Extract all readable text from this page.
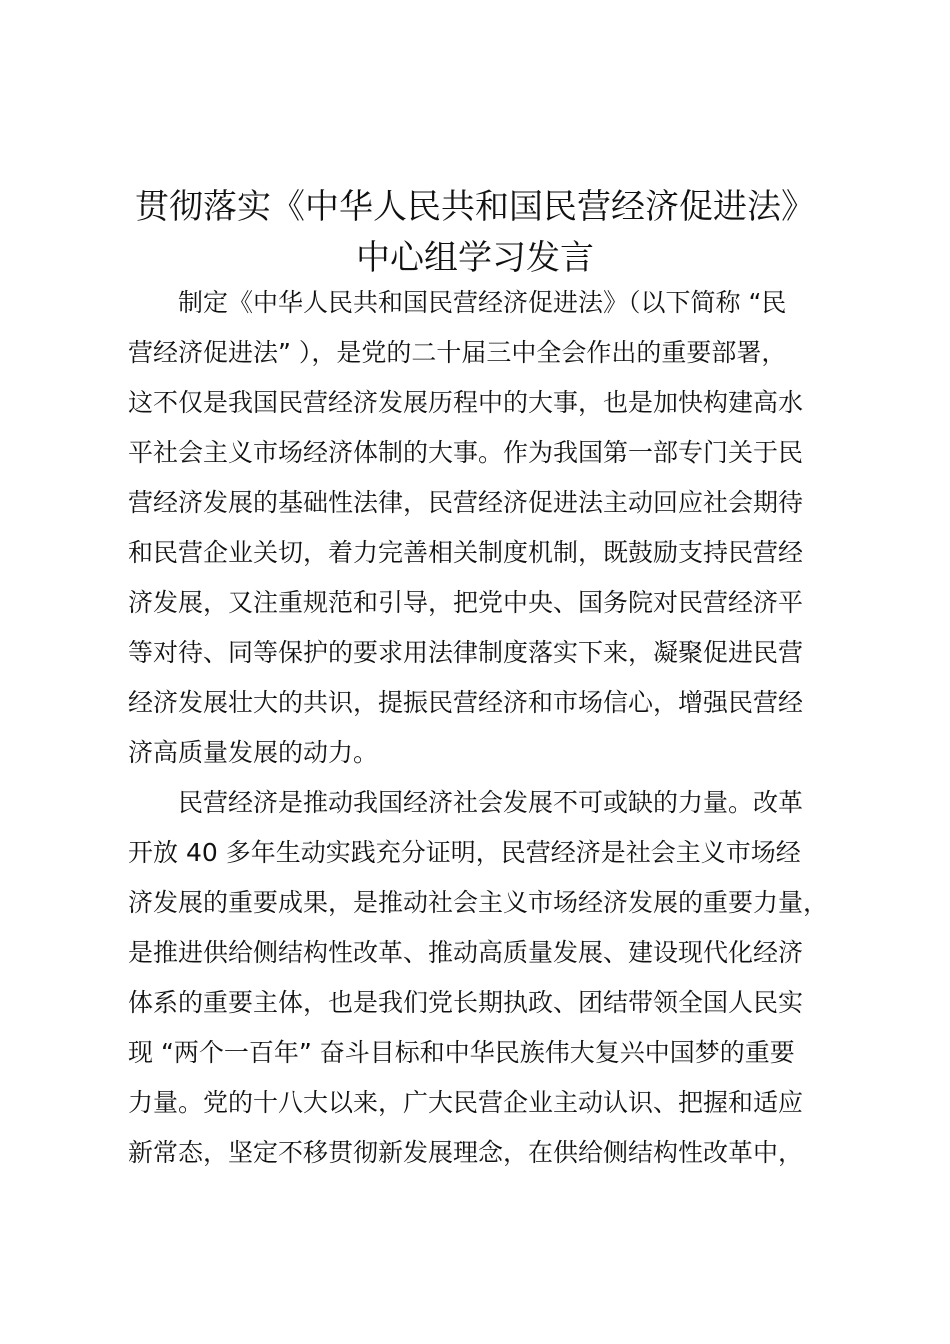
贯彻落实《中华人民共和国民营经济促进法》
中心组学习发言
制定《中华人民共和国民营经济促进法》（以下简称 “民
营经济促进法” ），是党的二十届三中全会作出的重要部署，
这不仅是我国民营经济发展历程中的大事，也是加快构建高水
平社会主义市场经济体制的大事。作为我国第一部专门关于民
营经济发展的基础性法律，民营经济促进法主动回应社会期待
和民营企业关切，着力完善相关制度机制，既鼓励支持民营经
济发展，又注重规范和引导，把党中央、国务院对民营经济平
等对待、同等保护的要求用法律制度落实下来，凝聚促进民营
经济发展壮大的共识，提振民营经济和市场信心，增强民营经
济高质量发展的动力。
民营经济是推动我国经济社会发展不可或缺的力量。改革
开放 40 多年生动实践充分证明，民营经济是社会主义市场经
济发展的重要成果，是推动社会主义市场经济发展的重要力量，
是推进供给侧结构性改革、推动高质量发展、建设现代化经济
体系的重要主体，也是我们党长期执政、团结带领全国人民实
现 “两个一百年” 奋斗目标和中华民族伟大复兴中国梦的重要
力量。党的十八大以来，广大民营企业主动认识、把握和适应
新常态，坚定不移贯彻新发展理念，在供给侧结构性改革中，
